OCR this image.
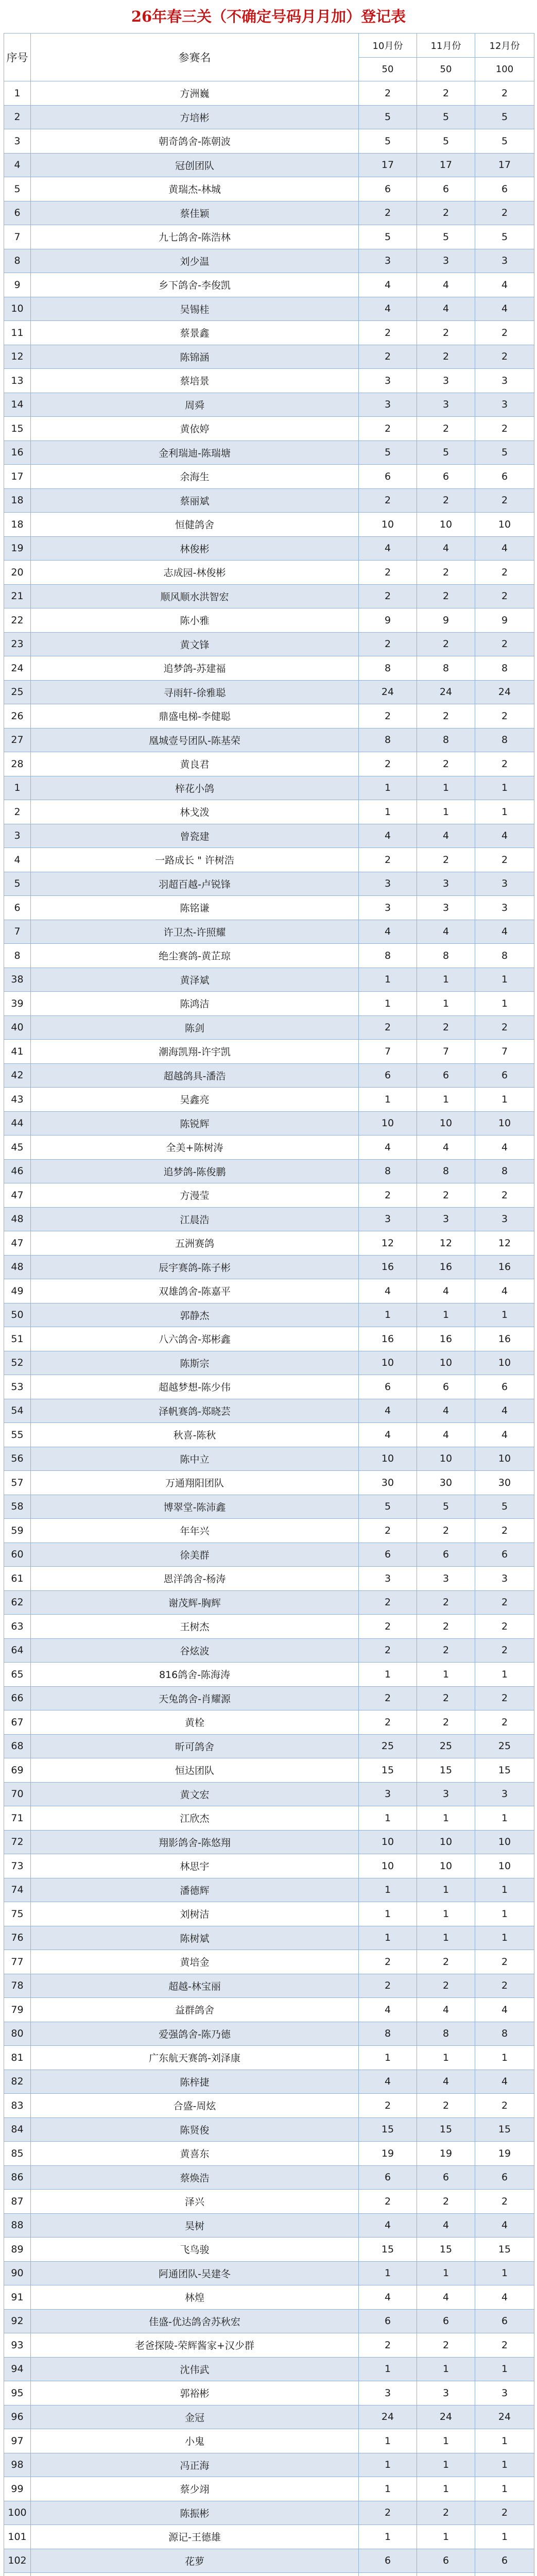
26年春三关（不确定号码月月加）登记表
序号	参赛名	10月份	11月份	12月份
		50	50	100
1	方洲巍	2	2	2
2	方培彬	5	5	5
3	朝奇鸽舍-陈朝波	5	5	5
4	冠创团队	17	17	17
5	黄瑞杰-林城	6	6	6
6	蔡佳颖	2	2	2
7	九七鸽舍-陈浩林	5	5	5
8	刘少温	3	3	3
9	乡下鸽舍-李俊凯	4	4	4
10	吴锡桂	4	4	4
11	蔡景鑫	2	2	2
12	陈锦涵	2	2	2
13	蔡培景	3	3	3
14	周舜	3	3	3
15	黄依婷	2	2	2
16	金利瑞迪-陈瑞塘	5	5	5
17	余海生	6	6	6
18	蔡丽斌	2	2	2
18	恒健鸽舍	10	10	10
19	林俊彬	4	4	4
20	志成园-林俊彬	2	2	2
21	顺风顺水洪智宏	2	2	2
22	陈小雅	9	9	9
23	黄文锋	2	2	2
24	追梦鸽-苏建福	8	8	8
25	寻雨轩-徐雅聪	24	24	24
26	鼎盛电梯-李健聪	2	2	2
27	凰城壹号团队-陈基荣	8	8	8
28	黄良君	2	2	2
1	梓花小鸽	1	1	1
2	林戈泼	1	1	1
3	曾瓷建	4	4	4
4	一路成长 " 许树浩	2	2	2
5	羽超百越-卢锐锋	3	3	3
6	陈铭谦	3	3	3
7	许卫杰-许照耀	4	4	4
8	绝尘赛鸽-黄芷琼	8	8	8
38	黄泽斌	1	1	1
39	陈鸿洁	1	1	1
40	陈剑	2	2	2
41	潮海凯翔-许宇凯	7	7	7
42	超越鸽具-潘浩	6	6	6
43	吴鑫亮	1	1	1
44	陈锐辉	10	10	10
45	全美+陈树涛	4	4	4
46	追梦鸽-陈俊鹏	8	8	8
47	方漫莹	2	2	2
48	江晨浩	3	3	3
47	五洲赛鸽	12	12	12
48	辰宇赛鸽-陈子彬	16	16	16
49	双雄鸽舍-陈嘉平	4	4	4
50	郭静杰	1	1	1
51	八六鸽舍-郑彬鑫	16	16	16
52	陈斯宗	10	10	10
53	超越梦想-陈少伟	6	6	6
54	泽帆赛鸽-郑晓芸	4	4	4
55	秋喜-陈秋	4	4	4
56	陈中立	10	10	10
57	万通翔阳团队	30	30	30
58	博翠堂-陈沛鑫	5	5	5
59	年年兴	2	2	2
60	徐美群	6	6	6
61	恩洋鸽舍-杨涛	3	3	3
62	谢茂辉-胸辉	2	2	2
63	王树杰	2	2	2
64	谷炫波	2	2	2
65	816鸽舍-陈海涛	1	1	1
66	天兔鸽舍-肖耀源	2	2	2
67	黄栓	2	2	2
68	昕可鸽舍	25	25	25
69	恒达团队	15	15	15
70	黄文宏	3	3	3
71	江欣杰	1	1	1
72	翔影鸽舍-陈悠翔	10	10	10
73	林思宇	10	10	10
74	潘德辉	1	1	1
75	刘树洁	1	1	1
76	陈树斌	1	1	1
77	黄培金	2	2	2
78	超越-林宝丽	2	2	2
79	益群鸽舍	4	4	4
80	爱强鸽舍-陈乃德	8	8	8
81	广东航天赛鸽-刘泽康	1	1	1
82	陈梓捷	4	4	4
83	合盛-周炫	2	2	2
84	陈贤俊	15	15	15
85	黄喜东	19	19	19
86	蔡焕浩	6	6	6
87	泽兴	2	2	2
88	昊树	4	4	4
89	飞鸟骏	15	15	15
90	阿通团队-吴建冬	1	1	1
91	林煌	4	4	4
92	佳盛-优达鸽舍苏秋宏	6	6	6
93	老爸探陵-荣辉酱家+汉少群	2	2	2
94	沈伟武	1	1	1
95	郭裕彬	3	3	3
96	金冠	24	24	24
97	小鬼	1	1	1
98	冯正海	1	1	1
99	蔡少翊	1	1	1
100	陈振彬	2	2	2
101	源记-王德雄	1	1	1
102	花萝	6	6	6
